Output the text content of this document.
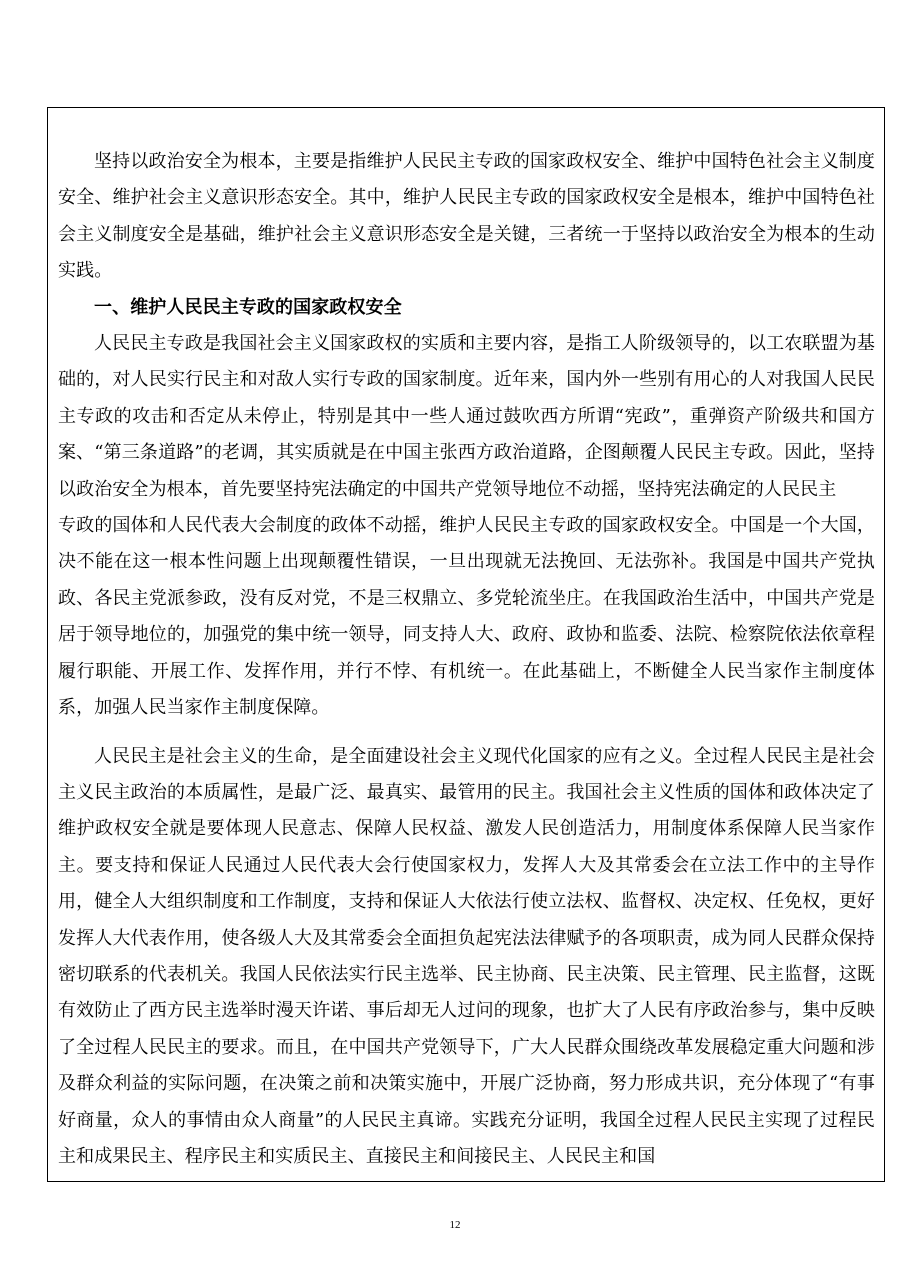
坚持以政治安全为根本，主要是指维护人民民主专政的国家政权安全、维护中国特色社会主义制度安全、维护社会主义意识形态安全。其中，维护人民民主专政的国家政权安全是根本，维护中国特色社会主义制度安全是基础，维护社会主义意识形态安全是关键，三者统一于坚持以政治安全为根本的生动实践。

一、维护人民民主专政的国家政权安全

人民民主专政是我国社会主义国家政权的实质和主要内容，是指工人阶级领导的，以工农联盟为基础的，对人民实行民主和对敌人实行专政的国家制度。近年来，国内外一些别有用心的人对我国人民民主专政的攻击和否定从未停止，特别是其中一些人通过鼓吹西方所谓“宪政”，重弹资产阶级共和国方案、“第三条道路”的老调，其实质就是在中国主张西方政治道路，企图颠覆人民民主专政。因此，坚持以政治安全为根本，首先要坚持宪法确定的中国共产党领导地位不动摇，坚持宪法确定的人民民主

专政的国体和人民代表大会制度的政体不动摇，维护人民民主专政的国家政权安全。中国是一个大国，决不能在这一根本性问题上出现颠覆性错误，一旦出现就无法挽回、无法弥补。我国是中国共产党执政、各民主党派参政，没有反对党，不是三权鼎立、多党轮流坐庄。在我国政治生活中，中国共产党是居于领导地位的，加强党的集中统一领导，同支持人大、政府、政协和监委、法院、检察院依法依章程履行职能、开展工作、发挥作用，并行不悖、有机统一。在此基础上，不断健全人民当家作主制度体系，加强人民当家作主制度保障。

人民民主是社会主义的生命，是全面建设社会主义现代化国家的应有之义。全过程人民民主是社会主义民主政治的本质属性，是最广泛、最真实、最管用的民主。我国社会主义性质的国体和政体决定了维护政权安全就是要体现人民意志、保障人民权益、激发人民创造活力，用制度体系保障人民当家作主。要支持和保证人民通过人民代表大会行使国家权力，发挥人大及其常委会在立法工作中的主导作用，健全人大组织制度和工作制度，支持和保证人大依法行使立法权、监督权、决定权、任免权，更好发挥人大代表作用，使各级人大及其常委会全面担负起宪法法律赋予的各项职责，成为同人民群众保持密切联系的代表机关。我国人民依法实行民主选举、民主协商、民主决策、民主管理、民主监督，这既有效防止了西方民主选举时漫天许诺、事后却无人过问的现象，也扩大了人民有序政治参与，集中反映了全过程人民民主的要求。而且，在中国共产党领导下，广大人民群众围绕改革发展稳定重大问题和涉及群众利益的实际问题，在决策之前和决策实施中，开展广泛协商，努力形成共识，充分体现了“有事好商量，众人的事情由众人商量”的人民民主真谛。实践充分证明，我国全过程人民民主实现了过程民主和成果民主、程序民主和实质民主、直接民主和间接民主、人民民主和国

12
